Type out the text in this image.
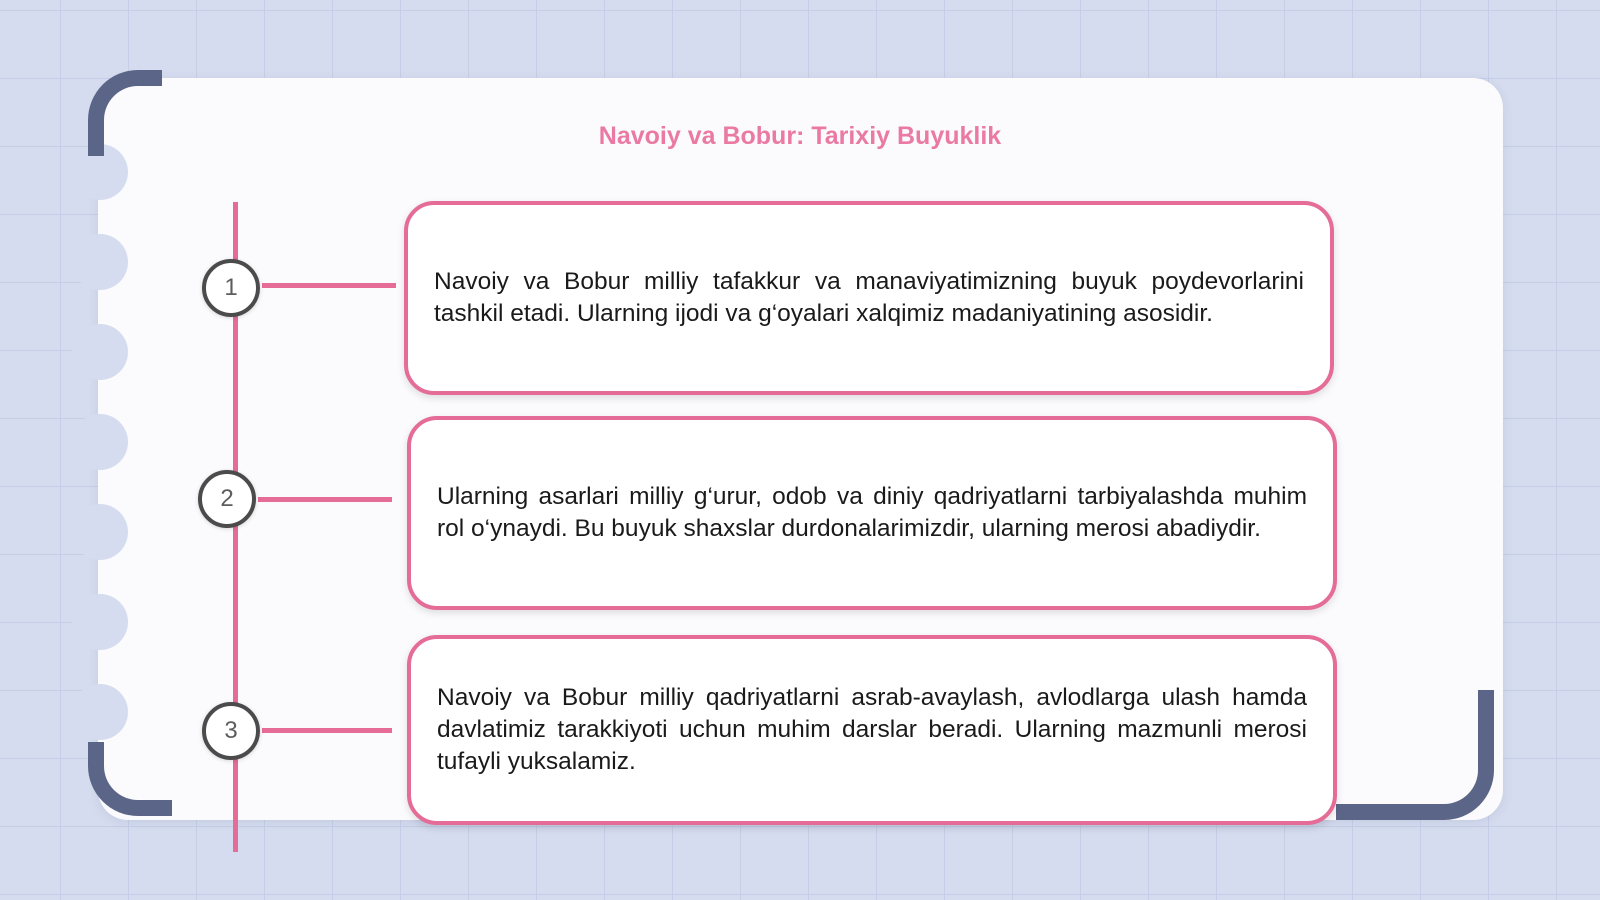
Navoiy va Bobur: Tarixiy Buyuklik
1
2
3

Navoiy va Bobur milliy tafakkur va manaviyatimizning buyuk poydevorlarini tashkil etadi. Ularning ijodi va g‘oyalari xalqimiz madaniyatining asosidir.

Ularning asarlari milliy g‘urur, odob va diniy qadriyatlarni tarbiyalashda muhim rol o‘ynaydi. Bu buyuk shaxslar durdonalarimizdir, ularning merosi abadiydir.

Navoiy va Bobur milliy qadriyatlarni asrab-avaylash, avlodlarga ulash hamda davlatimiz tarakkiyoti uchun muhim darslar beradi. Ularning mazmunli merosi tufayli yuksalamiz.
